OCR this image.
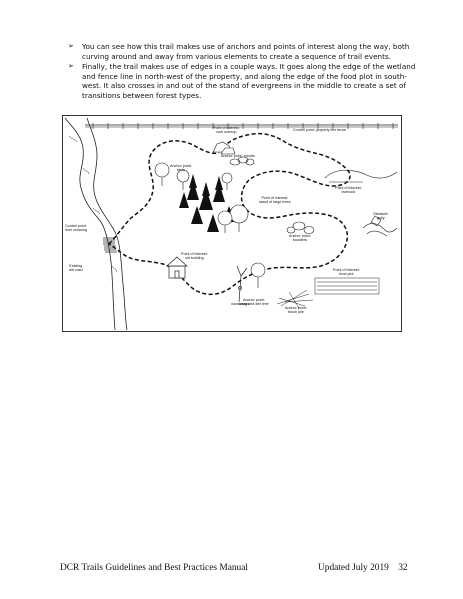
➢ You can see how this trail makes use of anchors and points of interest along the way, both curving around and away from various elements to create a sequence of trail events.
➢ Finally, the trail makes use of edges in a couple ways. It goes along the edge of the wetland and fence line in north-west of the property, and along the edge of the food plot in south-west. It also crosses in and out of the stand of evergreens in the middle to create a set of transitions between forest types.
Point of interest:
rock outcrop
Control point: property line fence
Anchor point: shrubs
Anchor point:
trees
Point of interest:
overlook
Point of interest:
stand of large trees
Obstacle:
gully
Control point:
river crossing
Anchor point:
boulders
Point of interest:
old building
Existing
dirt road	Point of interest:
food plot
Anchor point:
snag and den tree
Anchor point:
brush pile
DCR Trails Guidelines and Best Practices Manual	Updated July 2019    32
